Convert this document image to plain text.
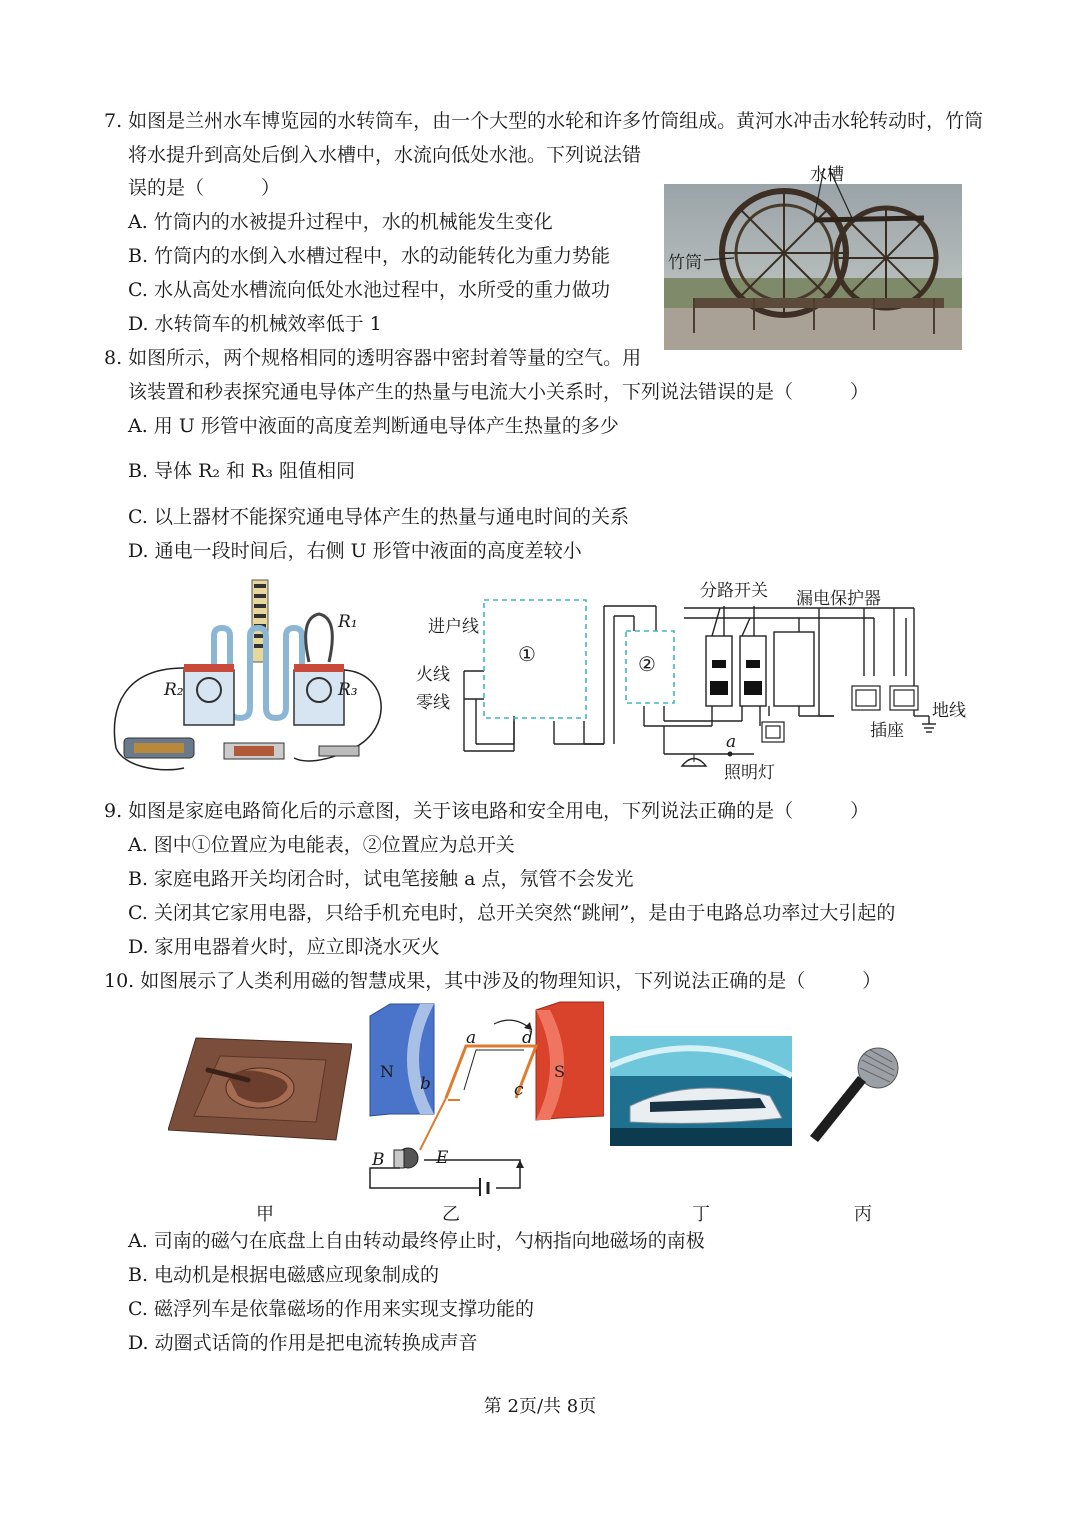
7. 如图是兰州水车博览园的水转筒车，由一个大型的水轮和许多竹筒组成。黄河水冲击水轮转动时，竹筒
将水提升到高处后倒入水槽中，水流向低处水池。下列说法错
误的是（　　　）
A. 竹筒内的水被提升过程中，水的机械能发生变化
B. 竹筒内的水倒入水槽过程中，水的动能转化为重力势能
C. 水从高处水槽流向低处水池过程中，水所受的重力做功
D. 水转筒车的机械效率低于 1
水槽
竹筒
8. 如图所示，两个规格相同的透明容器中密封着等量的空气。用
该装置和秒表探究通电导体产生的热量与电流大小关系时，下列说法错误的是（　　　）
A. 用 U 形管中液面的高度差判断通电导体产生热量的多少
B. 导体 R₂ 和 R₃ 阻值相同
C. 以上器材不能探究通电导体产生的热量与通电时间的关系
D. 通电一段时间后，右侧 U 形管中液面的高度差较小
R₁
R₂	R₃
进户线
火线
零线
①	②
分路开关 漏电保护器
插座
地线
照明灯
a
9. 如图是家庭电路简化后的示意图，关于该电路和安全用电，下列说法正确的是（　　　）
A. 图中①位置应为电能表，②位置应为总开关
B. 家庭电路开关均闭合时，试电笔接触 a 点，氖管不会发光
C. 关闭其它家用电器，只给手机充电时，总开关突然“跳闸”，是由于电路总功率过大引起的
D. 家用电器着火时，应立即浇水灭火
10. 如图展示了人类利用磁的智慧成果，其中涉及的物理知识，下列说法正确的是（　　　）
N	S
a
b	c
d
B	E
甲	乙	丁	丙
A. 司南的磁勺在底盘上自由转动最终停止时，勺柄指向地磁场的南极
B. 电动机是根据电磁感应现象制成的
C. 磁浮列车是依靠磁场的作用来实现支撑功能的
D. 动圈式话筒的作用是把电流转换成声音
第 2页/共 8页
